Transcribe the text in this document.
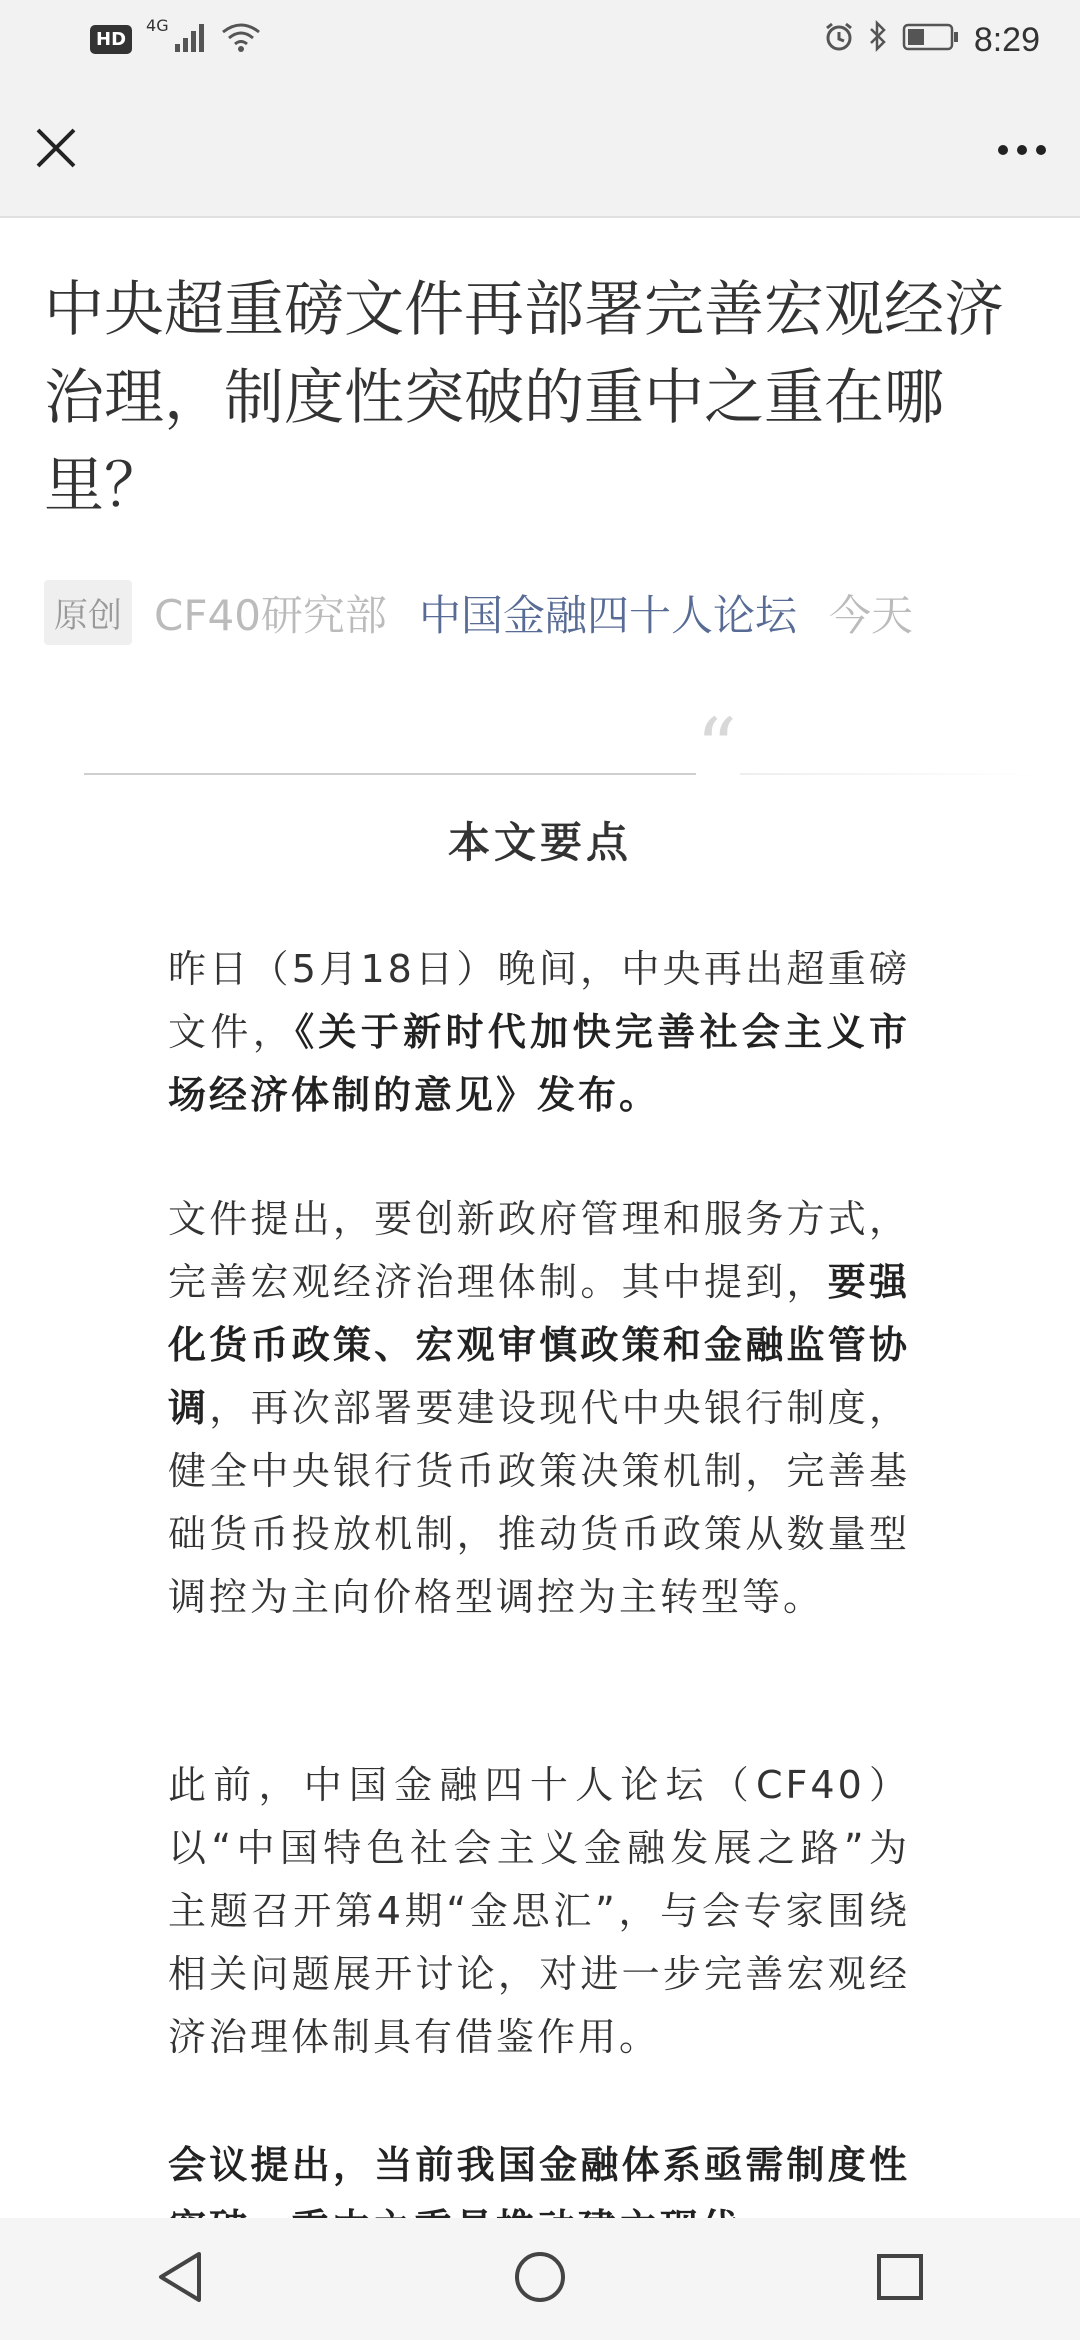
HD
4G	8:29
中央超重磅文件再部署完善宏观经济治理，制度性突破的重中之重在哪里？
原创 CF40研究部 中国金融四十人论坛 今天
“
本文要点

昨日（5月18日）晚间，中央再出超重磅文件，《关于新时代加快完善社会主义市场经济体制的意见》发布。

文件提出，要创新政府管理和服务方式，完善宏观经济治理体制。其中提到，要强化货币政策、宏观审慎政策和金融监管协调，再次部署要建设现代中央银行制度，健全中央银行货币政策决策机制，完善基础货币投放机制，推动货币政策从数量型调控为主向价格型调控为主转型等。

此前，中国金融四十人论坛（CF40）以“中国特色社会主义金融发展之路”为主题召开第4期“金思汇”，与会专家围绕相关问题展开讨论，对进一步完善宏观经济治理体制具有借鉴作用。

会议提出，当前我国金融体系亟需制度性
